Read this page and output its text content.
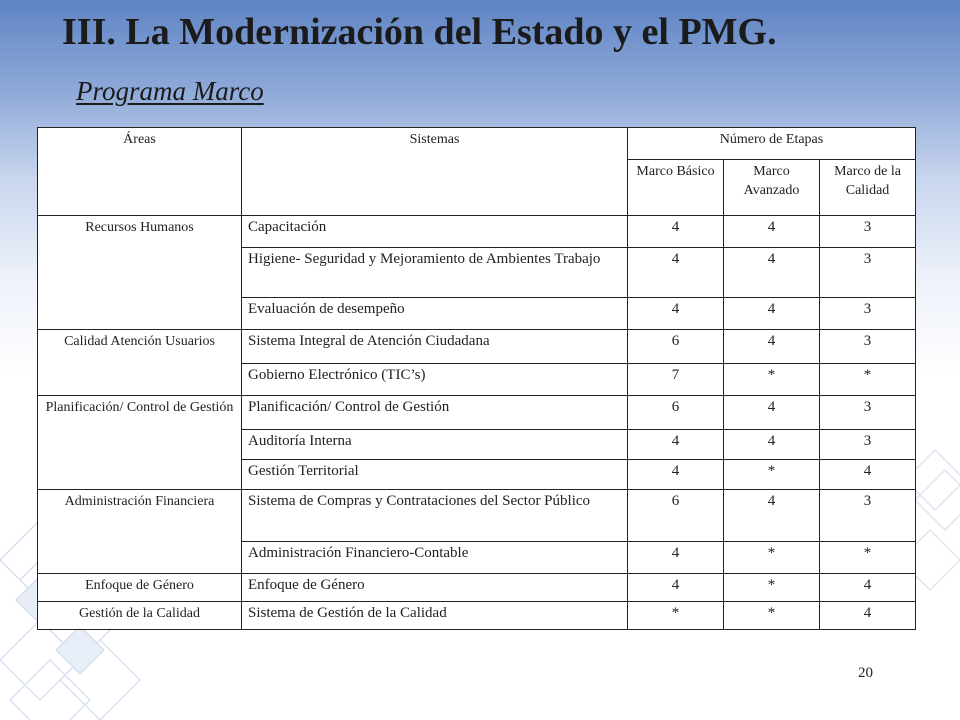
III. La Modernización del Estado y el PMG.
Programa Marco
Áreas	Sistemas	Número de Etapas		
		Marco Básico	Marco Avanzado	Marco de la Calidad
Recursos Humanos	Capacitación	4	4	3
	Higiene- Seguridad y Mejoramiento de Ambientes Trabajo	4	4	3
	Evaluación de desempeño	4	4	3
Calidad Atención Usuarios	Sistema Integral de Atención Ciudadana	6	4	3
	Gobierno Electrónico (TIC’s)	7	*	*
Planificación/ Control de Gestión	Planificación/ Control de Gestión	6	4	3
	Auditoría Interna	4	4	3
	Gestión Territorial	4	*	4
Administración Financiera	Sistema de Compras y Contrataciones del Sector Público	6	4	3
	Administración Financiero-Contable	4	*	*
Enfoque de Género	Enfoque de Género	4	*	4
Gestión de la Calidad	Sistema de Gestión de la Calidad	*	*	4
20
